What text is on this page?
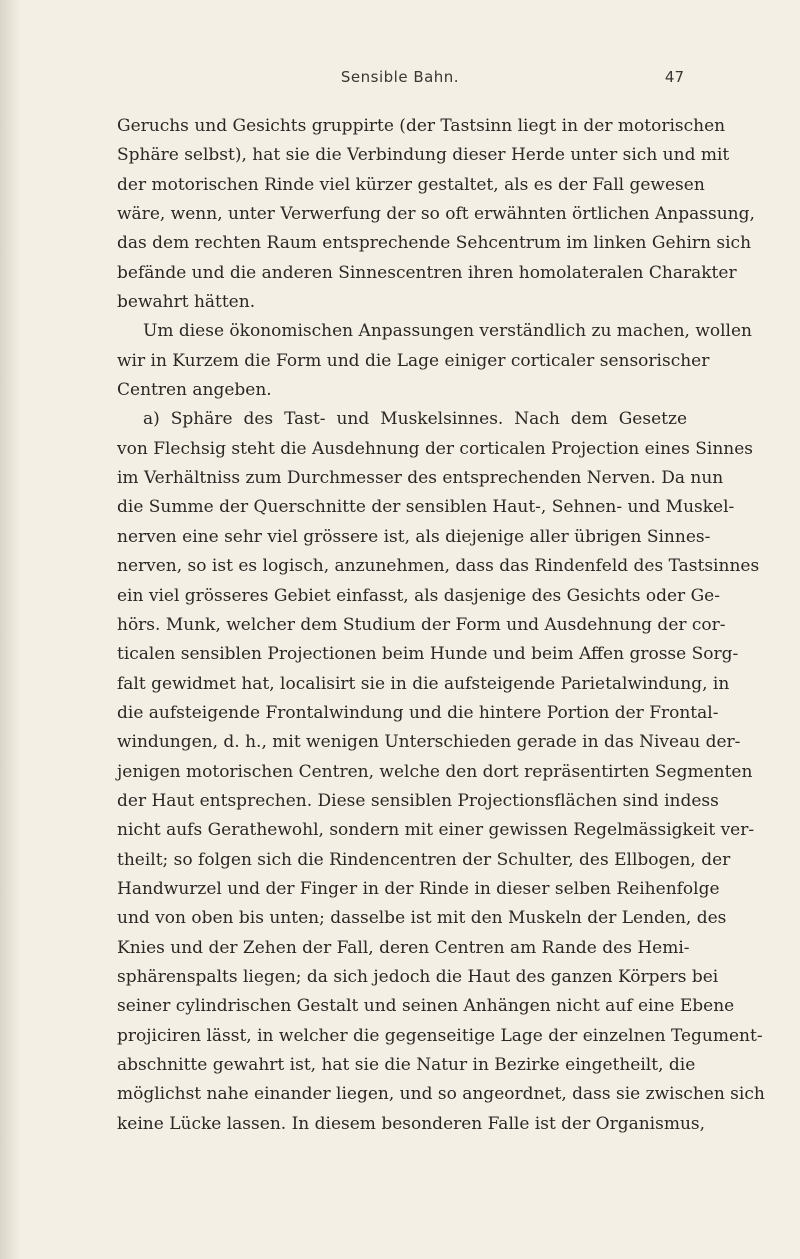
Sensible Bahn.	47
Geruchs und Gesichts gruppirte (der Tastsinn liegt in der motorischen
Sphäre selbst), hat sie die Verbindung dieser Herde unter sich und mit
der motorischen Rinde viel kürzer gestaltet, als es der Fall gewesen
wäre, wenn, unter Verwerfung der so oft erwähnten örtlichen Anpassung,
das dem rechten Raum entsprechende Sehcentrum im linken Gehirn sich
befände und die anderen Sinnescentren ihren homolateralen Charakter
bewahrt hätten.
Um diese ökonomischen Anpassungen verständlich zu machen, wollen
wir in Kurzem die Form und die Lage einiger corticaler sensorischer
Centren angeben.
a) Sphäre des Tast- und Muskelsinnes. Nach dem Gesetze
von Flechsig steht die Ausdehnung der corticalen Projection eines Sinnes
im Verhältniss zum Durchmesser des entsprechenden Nerven. Da nun
die Summe der Querschnitte der sensiblen Haut-, Sehnen- und Muskel-
nerven eine sehr viel grössere ist, als diejenige aller übrigen Sinnes-
nerven, so ist es logisch, anzunehmen, dass das Rindenfeld des Tastsinnes
ein viel grösseres Gebiet einfasst, als dasjenige des Gesichts oder Ge-
hörs. Munk, welcher dem Studium der Form und Ausdehnung der cor-
ticalen sensiblen Projectionen beim Hunde und beim Affen grosse Sorg-
falt gewidmet hat, localisirt sie in die aufsteigende Parietalwindung, in
die aufsteigende Frontalwindung und die hintere Portion der Frontal-
windungen, d. h., mit wenigen Unterschieden gerade in das Niveau der-
jenigen motorischen Centren, welche den dort repräsentirten Segmenten
der Haut entsprechen. Diese sensiblen Projectionsflächen sind indess
nicht aufs Gerathewohl, sondern mit einer gewissen Regelmässigkeit ver-
theilt; so folgen sich die Rindencentren der Schulter, des Ellbogen, der
Handwurzel und der Finger in der Rinde in dieser selben Reihenfolge
und von oben bis unten; dasselbe ist mit den Muskeln der Lenden, des
Knies und der Zehen der Fall, deren Centren am Rande des Hemi-
sphärenspalts liegen; da sich jedoch die Haut des ganzen Körpers bei
seiner cylindrischen Gestalt und seinen Anhängen nicht auf eine Ebene
projiciren lässt, in welcher die gegenseitige Lage der einzelnen Tegument-
abschnitte gewahrt ist, hat sie die Natur in Bezirke eingetheilt, die
möglichst nahe einander liegen, und so angeordnet, dass sie zwischen sich
keine Lücke lassen. In diesem besonderen Falle ist der Organismus,
